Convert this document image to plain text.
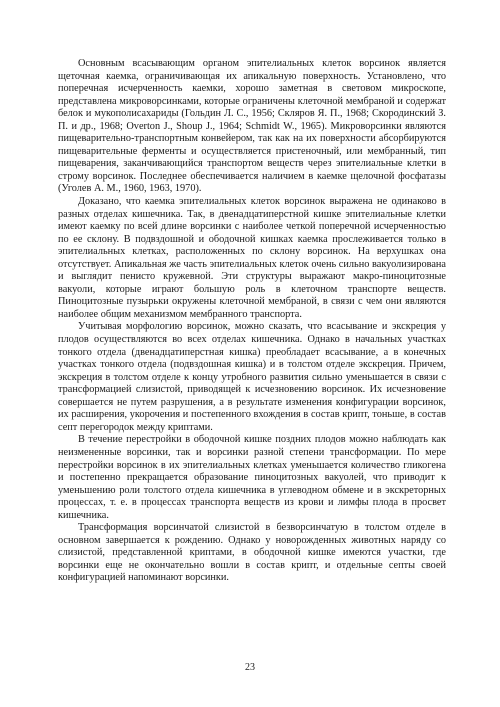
Основным всасывающим органом эпителиальных клеток ворсинок является щеточная каемка, ограничивающая их апикальную поверхность. Установлено, что поперечная исчерченность каемки, хорошо заметная в световом микроскопе, представлена микроворсинками, которые ограничены клеточной мембраной и содержат белок и мукополисахариды (Гольдин Л. С., 1956; Скляров Я. П., 1968; Скородинский З. П. и др., 1968; Overton J., Shoup J., 1964; Schmidt W., 1965). Микроворсинки являются пищеварительно-транспортным конвейером, так как на их поверхности абсорбируются пищеварительные ферменты и осуществляется пристеночный, или мембранный, тип пищеварения, заканчивающийся транспортом веществ через эпителиальные клетки в строму ворсинок. Последнее обеспечивается наличием в каемке щелочной фосфатазы (Уголев А. М., 1960, 1963, 1970).

Доказано, что каемка эпителиальных клеток ворсинок выражена не одинаково в разных отделах кишечника. Так, в двенадцатиперстной кишке эпителиальные клетки имеют каемку по всей длине ворсинки с наиболее четкой поперечной исчерченностью по ее склону. В подвздошной и ободочной кишках каемка прослеживается только в эпителиальных клетках, расположенных по склону ворсинок. На верхушках она отсутствует. Апикальная же часть эпителиальных клеток очень сильно вакуолизирована и выглядит пенисто кружевной. Эти структуры выражают макро-пиноцитозные вакуоли, которые играют большую роль в клеточном транспорте веществ. Пиноцитозные пузырьки окружены клеточной мембраной, в связи с чем они являются наиболее общим механизмом мембранного транспорта.

Учитывая морфологию ворсинок, можно сказать, что всасывание и экскреция у плодов осуществляются во всех отделах кишечника. Однако в начальных участках тонкого отдела (двенадцатиперстная кишка) преобладает всасывание, а в конечных участках тонкого отдела (подвздошная кишка) и в толстом отделе экскреция. Причем, экскреция в толстом отделе к концу утробного развития сильно уменьшается в связи с трансформацией слизистой, приводящей к исчезновению ворсинок. Их исчезновение совершается не путем разрушения, а в результате изменения конфигурации ворсинок, их расширения, укорочения и постепенного вхождения в состав крипт, тоньше, в состав септ перегородок между криптами.

В течение перестройки в ободочной кишке поздних плодов можно наблюдать как неизмененные ворсинки, так и ворсинки разной степени трансформации. По мере перестройки ворсинок в их эпителиальных клетках уменьшается количество гликогена и постепенно прекращается образование пиноцитозных вакуолей, что приводит к уменьшению роли толстого отдела кишечника в углеводном обмене и в экскреторных процессах, т. е. в процессах транспорта веществ из крови и лимфы плода в просвет кишечника.

Трансформация ворсинчатой слизистой в безворсинчатую в толстом отделе в основном завершается к рождению. Однако у новорожденных животных наряду со слизистой, представленной криптами, в ободочной кишке имеются участки, где ворсинки еще не окончательно вошли в состав крипт, и отдельные септы своей конфигурацией напоминают ворсинки.

23
